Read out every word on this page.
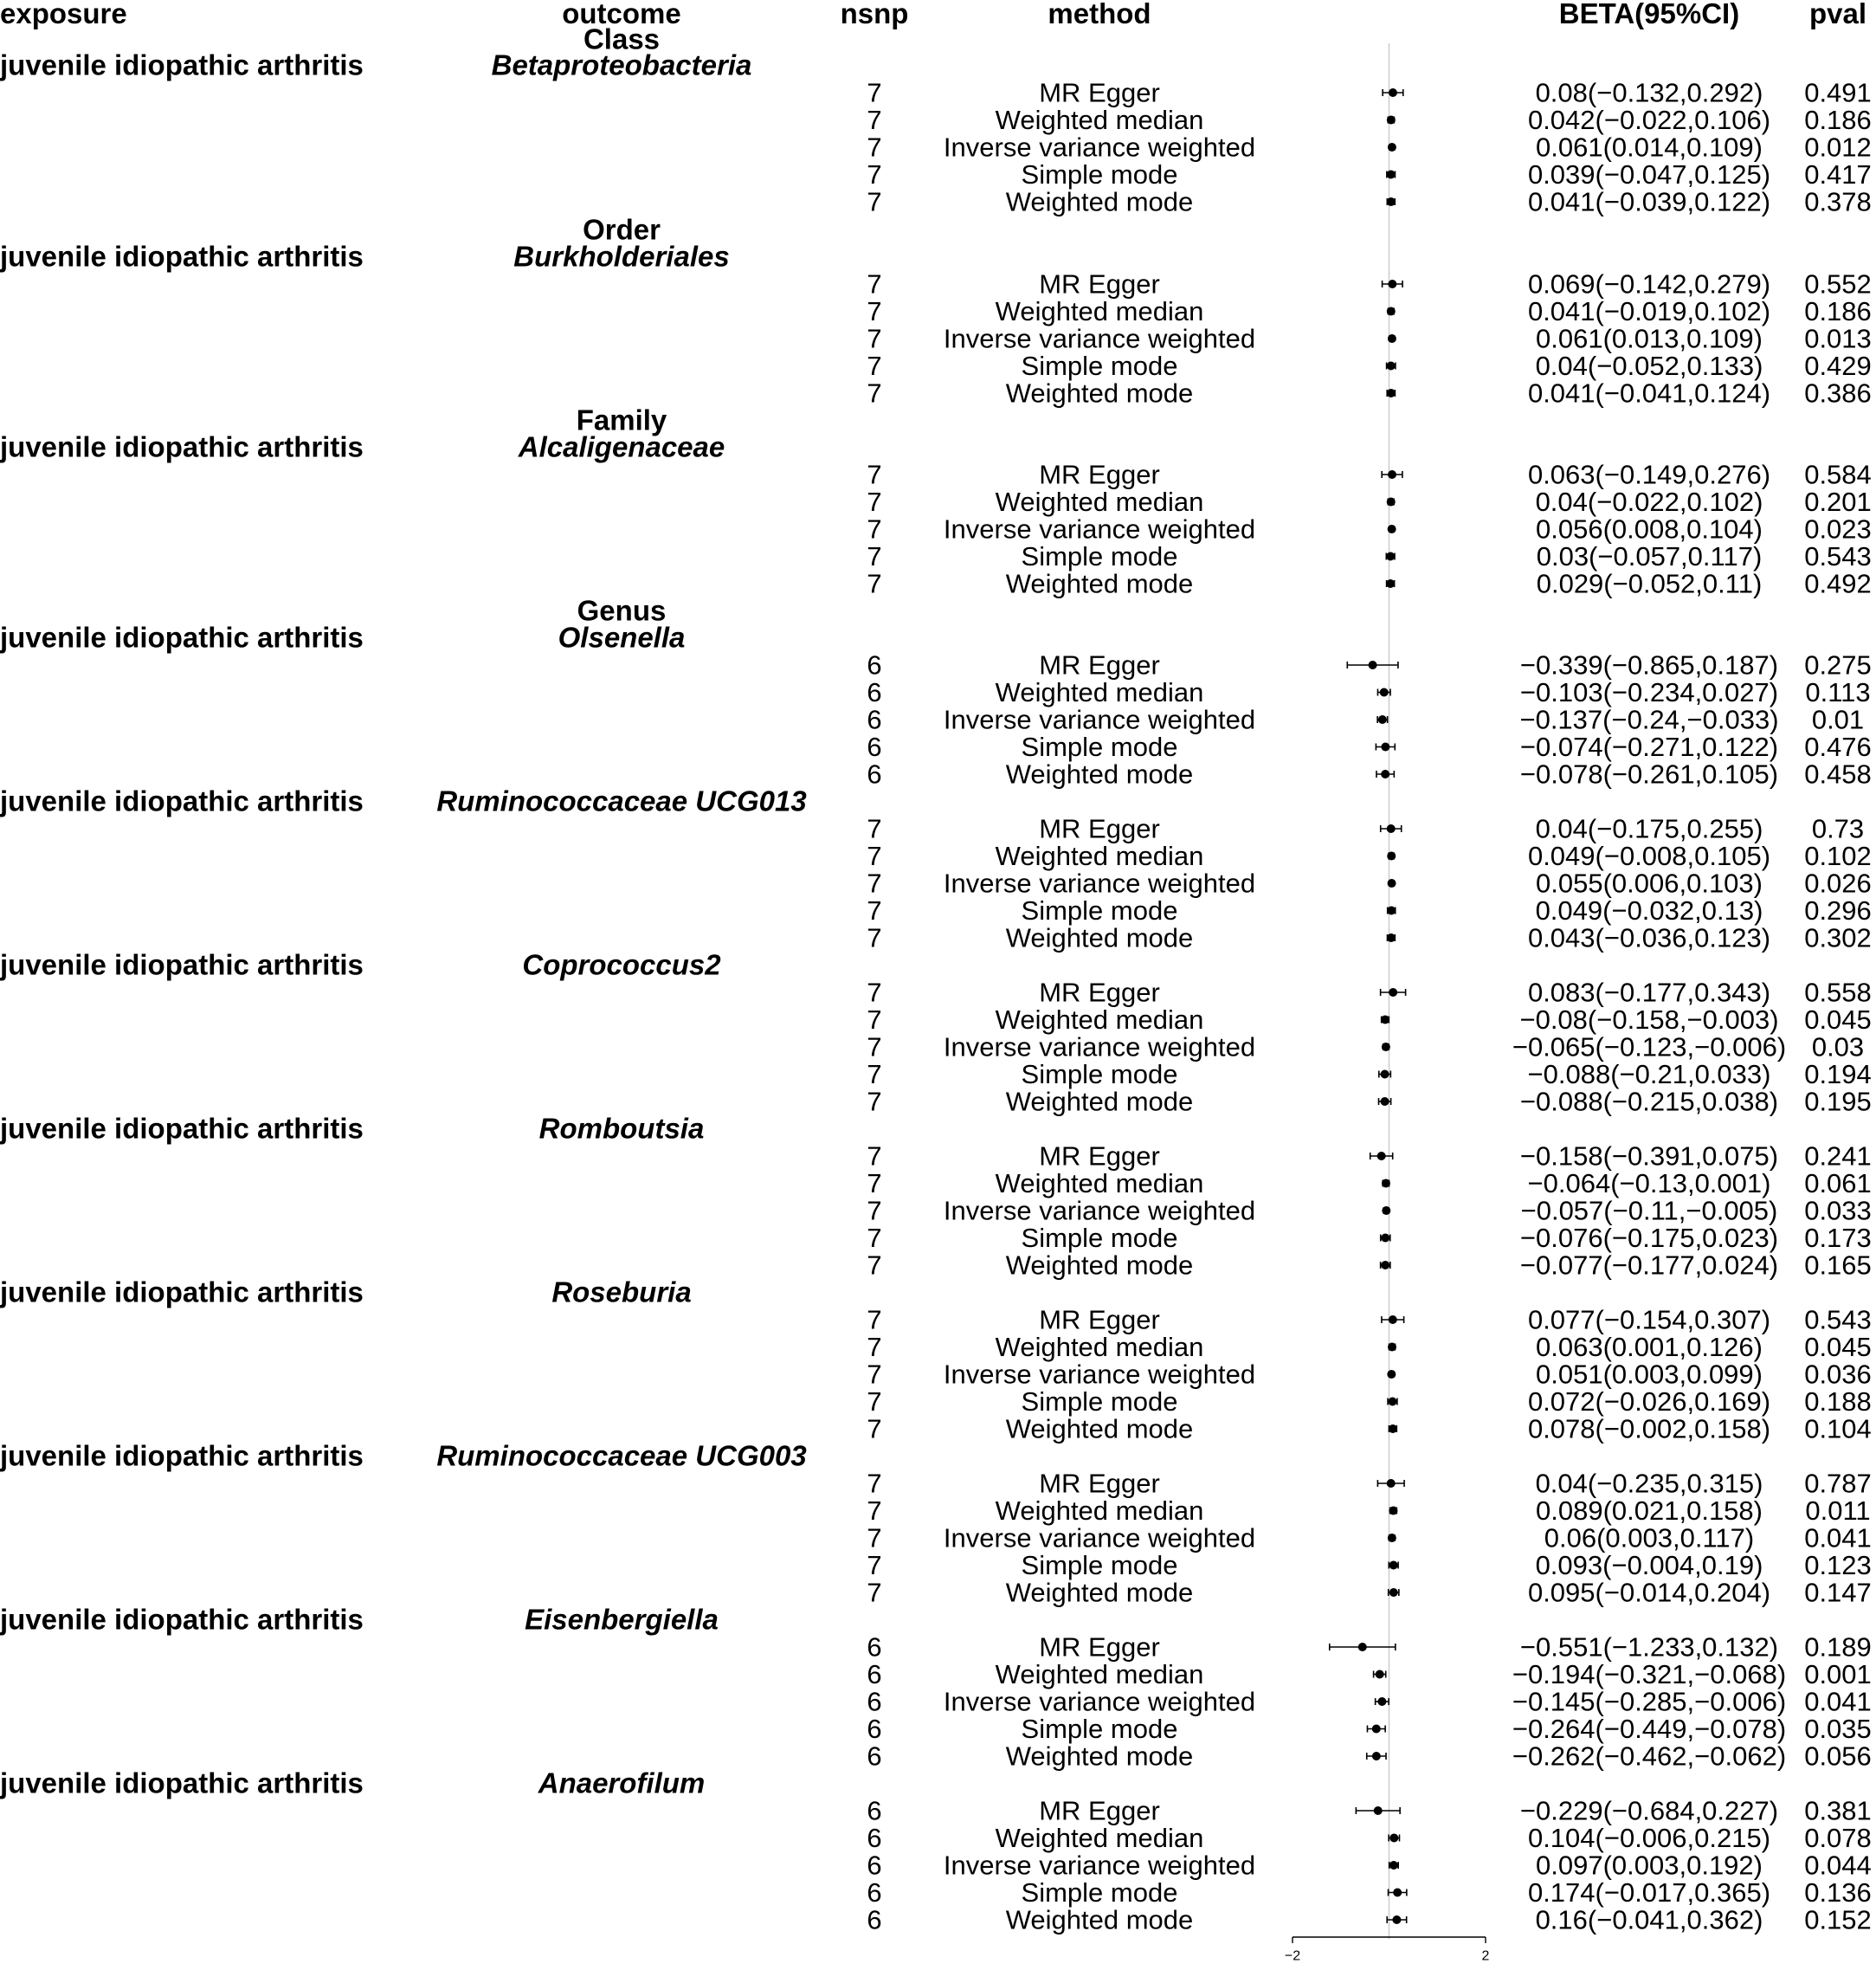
exposure	outcome	nsnp	method	BETA(95%CI) pval
Class
juvenile idiopathic arthritis	Betaproteobacteria
7	MR Egger	0.08(−0.132,0.292) 0.491
7	Weighted median	0.042(−0.022,0.106) 0.186
7 Inverse variance weighted	0.061(0.014,0.109) 0.012
7	Simple mode	0.039(−0.047,0.125) 0.417
7	Weighted mode	0.041(−0.039,0.122) 0.378
Order
juvenile idiopathic arthritis	Burkholderiales
7	MR Egger	0.069(−0.142,0.279) 0.552
7	Weighted median	0.041(−0.019,0.102) 0.186
7 Inverse variance weighted	0.061(0.013,0.109) 0.013
7	Simple mode	0.04(−0.052,0.133) 0.429
7	Weighted mode	0.041(−0.041,0.124) 0.386
Family
juvenile idiopathic arthritis	Alcaligenaceae
7	MR Egger	0.063(−0.149,0.276) 0.584
7	Weighted median	0.04(−0.022,0.102) 0.201
7 Inverse variance weighted	0.056(0.008,0.104) 0.023
7	Simple mode	0.03(−0.057,0.117) 0.543
7	Weighted mode	0.029(−0.052,0.11) 0.492
Genus
juvenile idiopathic arthritis	Olsenella
6	MR Egger	−0.339(−0.865,0.187) 0.275
6	Weighted median	−0.103(−0.234,0.027) 0.113
6 Inverse variance weighted	−0.137(−0.24,−0.033) 0.01
6	Simple mode	−0.074(−0.271,0.122) 0.476
6	Weighted mode	−0.078(−0.261,0.105) 0.458
juvenile idiopathic arthritis	Ruminococcaceae UCG013
7	MR Egger	0.04(−0.175,0.255) 0.73
7	Weighted median	0.049(−0.008,0.105) 0.102
7 Inverse variance weighted	0.055(0.006,0.103) 0.026
7	Simple mode	0.049(−0.032,0.13) 0.296
7	Weighted mode	0.043(−0.036,0.123) 0.302
juvenile idiopathic arthritis	Coprococcus2
7	MR Egger	0.083(−0.177,0.343) 0.558
7	Weighted median	−0.08(−0.158,−0.003) 0.045
7 Inverse variance weighted	−0.065(−0.123,−0.006) 0.03
7	Simple mode	−0.088(−0.21,0.033) 0.194
7	Weighted mode	−0.088(−0.215,0.038) 0.195
juvenile idiopathic arthritis	Romboutsia
7	MR Egger	−0.158(−0.391,0.075) 0.241
7	Weighted median	−0.064(−0.13,0.001) 0.061
7 Inverse variance weighted	−0.057(−0.11,−0.005) 0.033
7	Simple mode	−0.076(−0.175,0.023) 0.173
7	Weighted mode	−0.077(−0.177,0.024) 0.165
juvenile idiopathic arthritis	Roseburia
7	MR Egger	0.077(−0.154,0.307) 0.543
7	Weighted median	0.063(0.001,0.126) 0.045
7 Inverse variance weighted	0.051(0.003,0.099) 0.036
7	Simple mode	0.072(−0.026,0.169) 0.188
7	Weighted mode	0.078(−0.002,0.158) 0.104
juvenile idiopathic arthritis	Ruminococcaceae UCG003
7	MR Egger	0.04(−0.235,0.315) 0.787
7	Weighted median	0.089(0.021,0.158) 0.011
7 Inverse variance weighted	0.06(0.003,0.117) 0.041
7	Simple mode	0.093(−0.004,0.19) 0.123
7	Weighted mode	0.095(−0.014,0.204) 0.147
juvenile idiopathic arthritis	Eisenbergiella
6	MR Egger	−0.551(−1.233,0.132) 0.189
6	Weighted median	−0.194(−0.321,−0.068) 0.001
6 Inverse variance weighted	−0.145(−0.285,−0.006) 0.041
6	Simple mode	−0.264(−0.449,−0.078) 0.035
6	Weighted mode	−0.262(−0.462,−0.062) 0.056
juvenile idiopathic arthritis	Anaerofilum
6	MR Egger	−0.229(−0.684,0.227) 0.381
6	Weighted median	0.104(−0.006,0.215) 0.078
6 Inverse variance weighted	0.097(0.003,0.192) 0.044
6	Simple mode	0.174(−0.017,0.365) 0.136
6	Weighted mode	0.16(−0.041,0.362) 0.152
−2	2
